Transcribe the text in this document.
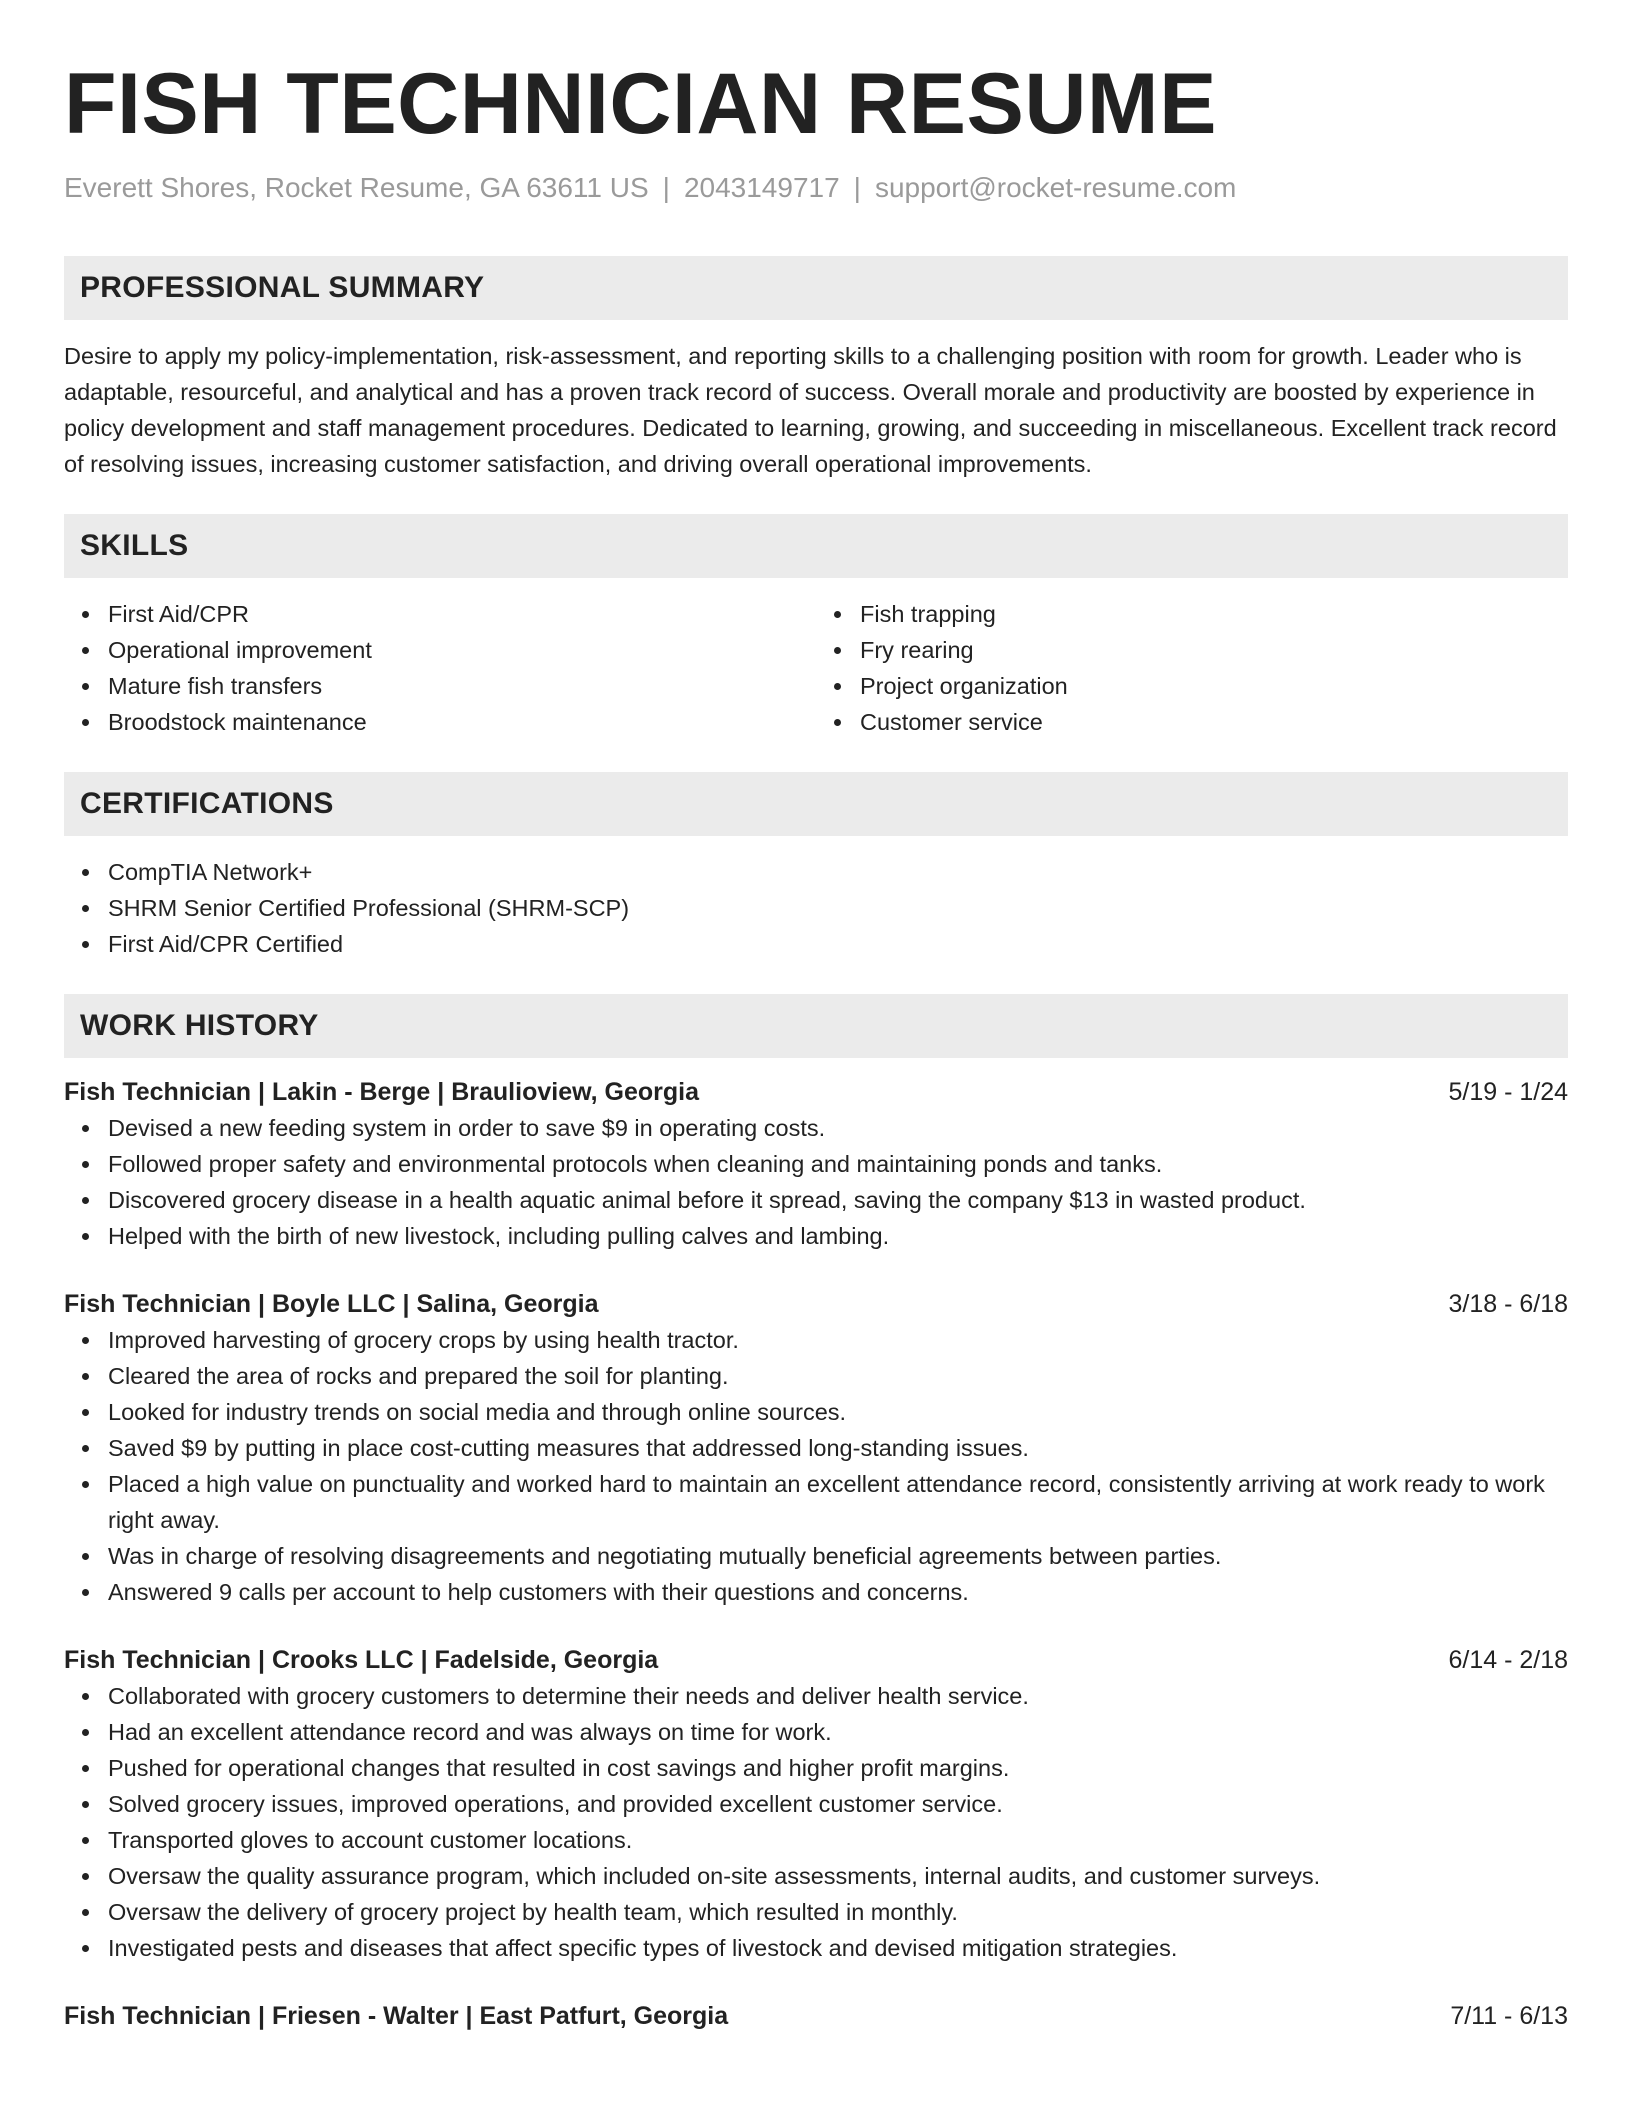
FISH TECHNICIAN RESUME
Everett Shores, Rocket Resume, GA 63611 US | 2043149717 | support@rocket-resume.com
PROFESSIONAL SUMMARY

Desire to apply my policy-implementation, risk-assessment, and reporting skills to a challenging position with room for growth. Leader who is adaptable, resourceful, and analytical and has a proven track record of success. Overall morale and productivity are boosted by experience in policy development and staff management procedures. Dedicated to learning, growing, and succeeding in miscellaneous. Excellent track record of resolving issues, increasing customer satisfaction, and driving overall operational improvements.

SKILLS
First Aid/CPR
Operational improvement
Mature fish transfers
Broodstock maintenance
Fish trapping
Fry rearing
Project organization
Customer service
CERTIFICATIONS
CompTIA Network+
SHRM Senior Certified Professional (SHRM-SCP)
First Aid/CPR Certified
WORK HISTORY
Fish Technician | Lakin - Berge | Braulioview, Georgia	5/19 - 1/24
Devised a new feeding system in order to save $9 in operating costs.
Followed proper safety and environmental protocols when cleaning and maintaining ponds and tanks.
Discovered grocery disease in a health aquatic animal before it spread, saving the company $13 in wasted product.
Helped with the birth of new livestock, including pulling calves and lambing.
Fish Technician | Boyle LLC | Salina, Georgia	3/18 - 6/18
Improved harvesting of grocery crops by using health tractor.
Cleared the area of rocks and prepared the soil for planting.
Looked for industry trends on social media and through online sources.
Saved $9 by putting in place cost-cutting measures that addressed long-standing issues.
Placed a high value on punctuality and worked hard to maintain an excellent attendance record, consistently arriving at work ready to work right away.
Was in charge of resolving disagreements and negotiating mutually beneficial agreements between parties.
Answered 9 calls per account to help customers with their questions and concerns.
Fish Technician | Crooks LLC | Fadelside, Georgia	6/14 - 2/18
Collaborated with grocery customers to determine their needs and deliver health service.
Had an excellent attendance record and was always on time for work.
Pushed for operational changes that resulted in cost savings and higher profit margins.
Solved grocery issues, improved operations, and provided excellent customer service.
Transported gloves to account customer locations.
Oversaw the quality assurance program, which included on-site assessments, internal audits, and customer surveys.
Oversaw the delivery of grocery project by health team, which resulted in monthly.
Investigated pests and diseases that affect specific types of livestock and devised mitigation strategies.
Fish Technician | Friesen - Walter | East Patfurt, Georgia	7/11 - 6/13
